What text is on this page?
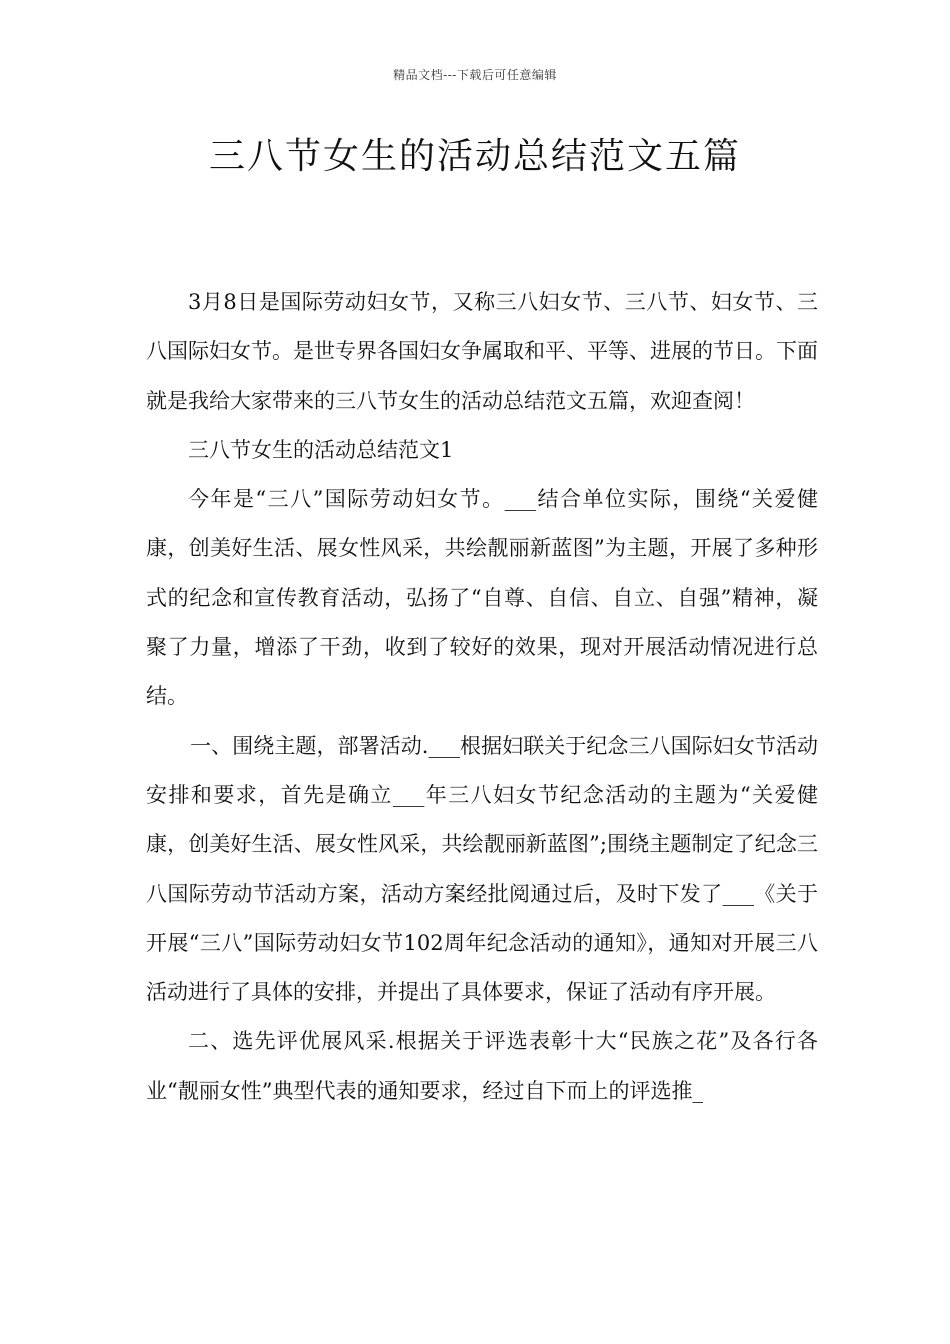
精品文档---下载后可任意编辑
三八节女生的活动总结范文五篇

3月8日是国际劳动妇女节，又称三八妇女节、三八节、妇女节、三八国际妇女节。是世专界各国妇女争属取和平、平等、进展的节日。下面就是我给大家带来的三八节女生的活动总结范文五篇，欢迎查阅！

三八节女生的活动总结范文1

今年是“三八”国际劳动妇女节。___结合单位实际，围绕“关爱健康，创美好生活、展女性风采，共绘靓丽新蓝图”为主题，开展了多种形式的纪念和宣传教育活动，弘扬了“自尊、自信、自立、自强”精神，凝聚了力量，增添了干劲，收到了较好的效果，现对开展活动情况进行总结。

一、围绕主题，部署活动.___根据妇联关于纪念三八国际妇女节活动安排和要求，首先是确立___年三八妇女节纪念活动的主题为“关爱健康，创美好生活、展女性风采，共绘靓丽新蓝图”;围绕主题制定了纪念三八国际劳动节活动方案，活动方案经批阅通过后，及时下发了___《关于开展“三八”国际劳动妇女节102周年纪念活动的通知》，通知对开展三八活动进行了具体的安排，并提出了具体要求，保证了活动有序开展。

二、选先评优展风采.根据关于评选表彰十大“民族之花”及各行各业“靓丽女性”典型代表的通知要求，经过自下而上的评选推_
